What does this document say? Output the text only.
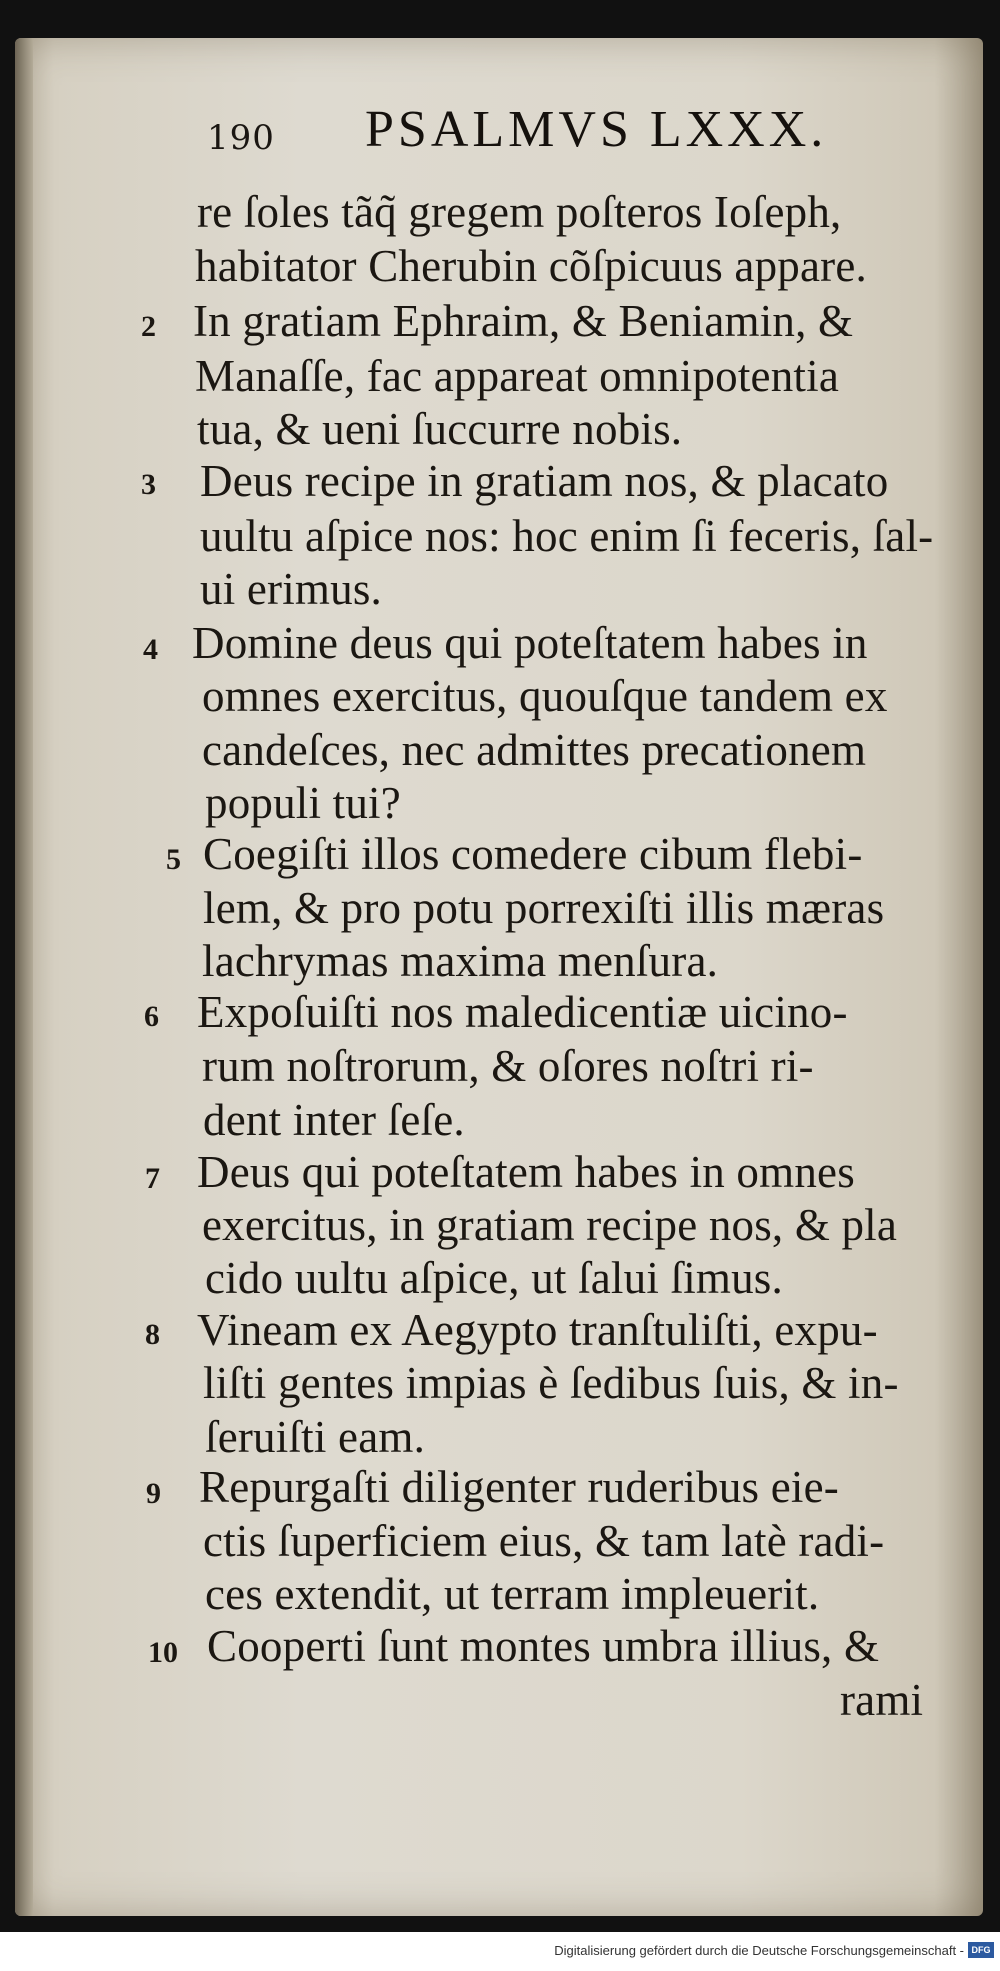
190 PSALMVS LXXX.
re ſoles tãq̃ gregem poſteros Ioſeph,
habitator Cherubin cõſpicuus appare.
2 In gratiam Ephraim, & Beniamin, &
Manaſſe, fac appareat omnipotentia
tua, & ueni ſuccurre nobis.
3 Deus recipe in gratiam nos, & placato
uultu aſpice nos: hoc enim ſi feceris, ſal-
ui erimus.
4 Domine deus qui poteſtatem habes in
omnes exercitus, quouſque tandem ex
candeſces, nec admittes precationem
populi tui?
5 Coegiſti illos comedere cibum flebi-
lem, & pro potu porrexiſti illis mæras
lachrymas maxima menſura.
6 Expoſuiſti nos maledicentiæ uicino-
rum noſtrorum, & oſores noſtri ri-
dent inter ſeſe.
7 Deus qui poteſtatem habes in omnes
exercitus, in gratiam recipe nos, & pla
cido uultu aſpice, ut ſalui ſimus.
8 Vineam ex Aegypto tranſtuliſti, expu-
liſti gentes impias è ſedibus ſuis, & in-
ſeruiſti eam.
9 Repurgaſti diligenter ruderibus eie-
ctis ſuperficiem eius, & tam latè radi-
ces extendit, ut terram impleuerit.
10 Cooperti ſunt montes umbra illius, &
rami
Digitalisierung gefördert durch die Deutsche Forschungsgemeinschaft - DFG
